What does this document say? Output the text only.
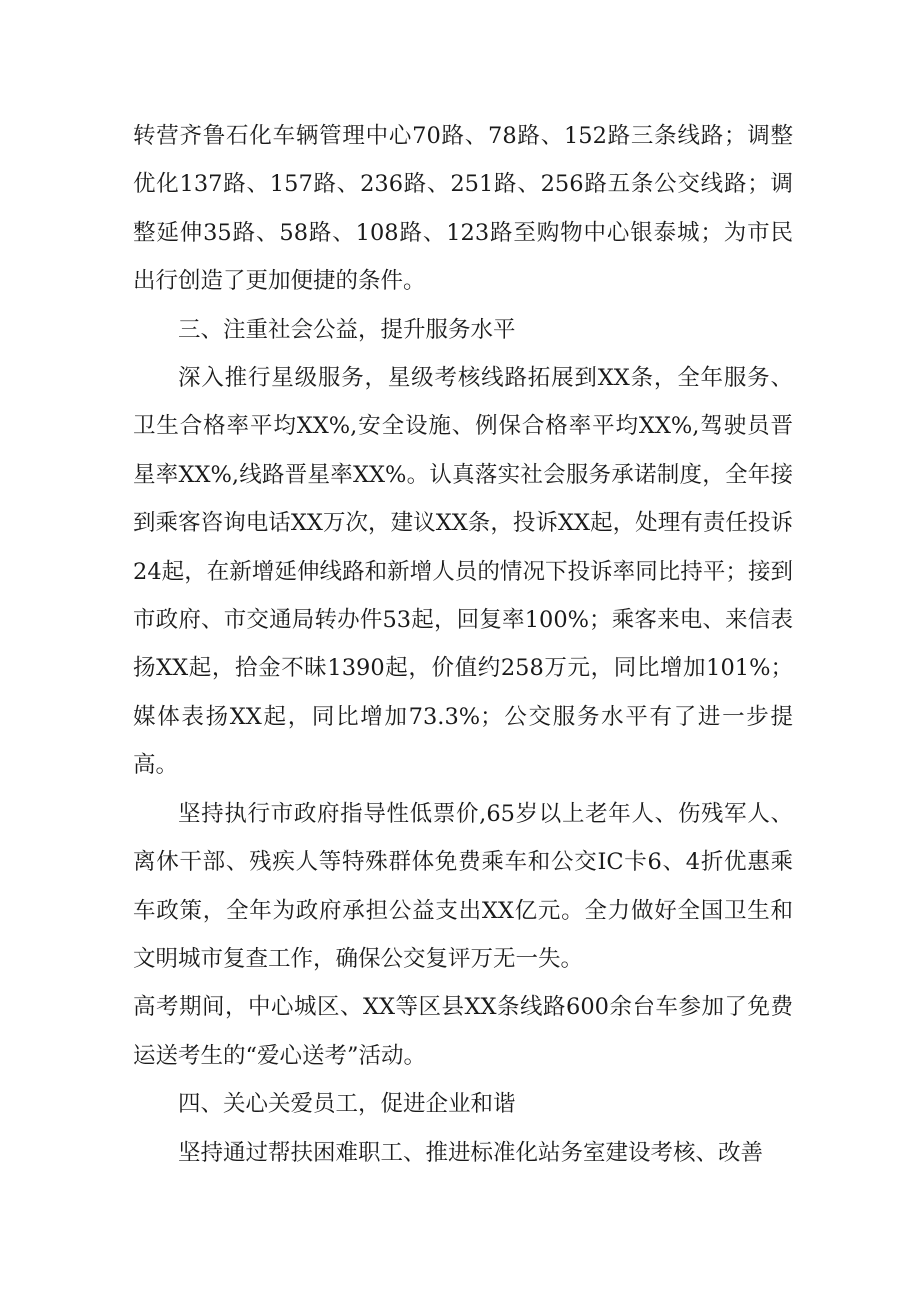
转营齐鲁石化车辆管理中心70路、78路、152路三条线路；调整优化137路、157路、236路、251路、256路五条公交线路；调整延伸35路、58路、108路、123路至购物中心银泰城；为市民出行创造了更加便捷的条件。

三、注重社会公益，提升服务水平

深入推行星级服务，星级考核线路拓展到XX条，全年服务、卫生合格率平均XX%,安全设施、例保合格率平均XX%,驾驶员晋星率XX%,线路晋星率XX%。认真落实社会服务承诺制度，全年接到乘客咨询电话XX万次，建议XX条，投诉XX起，处理有责任投诉24起，在新增延伸线路和新增人员的情况下投诉率同比持平；接到市政府、市交通局转办件53起，回复率100%；乘客来电、来信表扬XX起，拾金不昧1390起，价值约258万元，同比增加101%；媒体表扬XX起，同比增加73.3%；公交服务水平有了进一步提高。

坚持执行市政府指导性低票价,65岁以上老年人、伤残军人、离休干部、残疾人等特殊群体免费乘车和公交IC卡6、4折优惠乘车政策，全年为政府承担公益支出XX亿元。全力做好全国卫生和文明城市复查工作，确保公交复评万无一失。

高考期间，中心城区、XX等区县XX条线路600余台车参加了免费运送考生的“爱心送考”活动。

四、关心关爱员工，促进企业和谐

坚持通过帮扶困难职工、推进标准化站务室建设考核、改善
